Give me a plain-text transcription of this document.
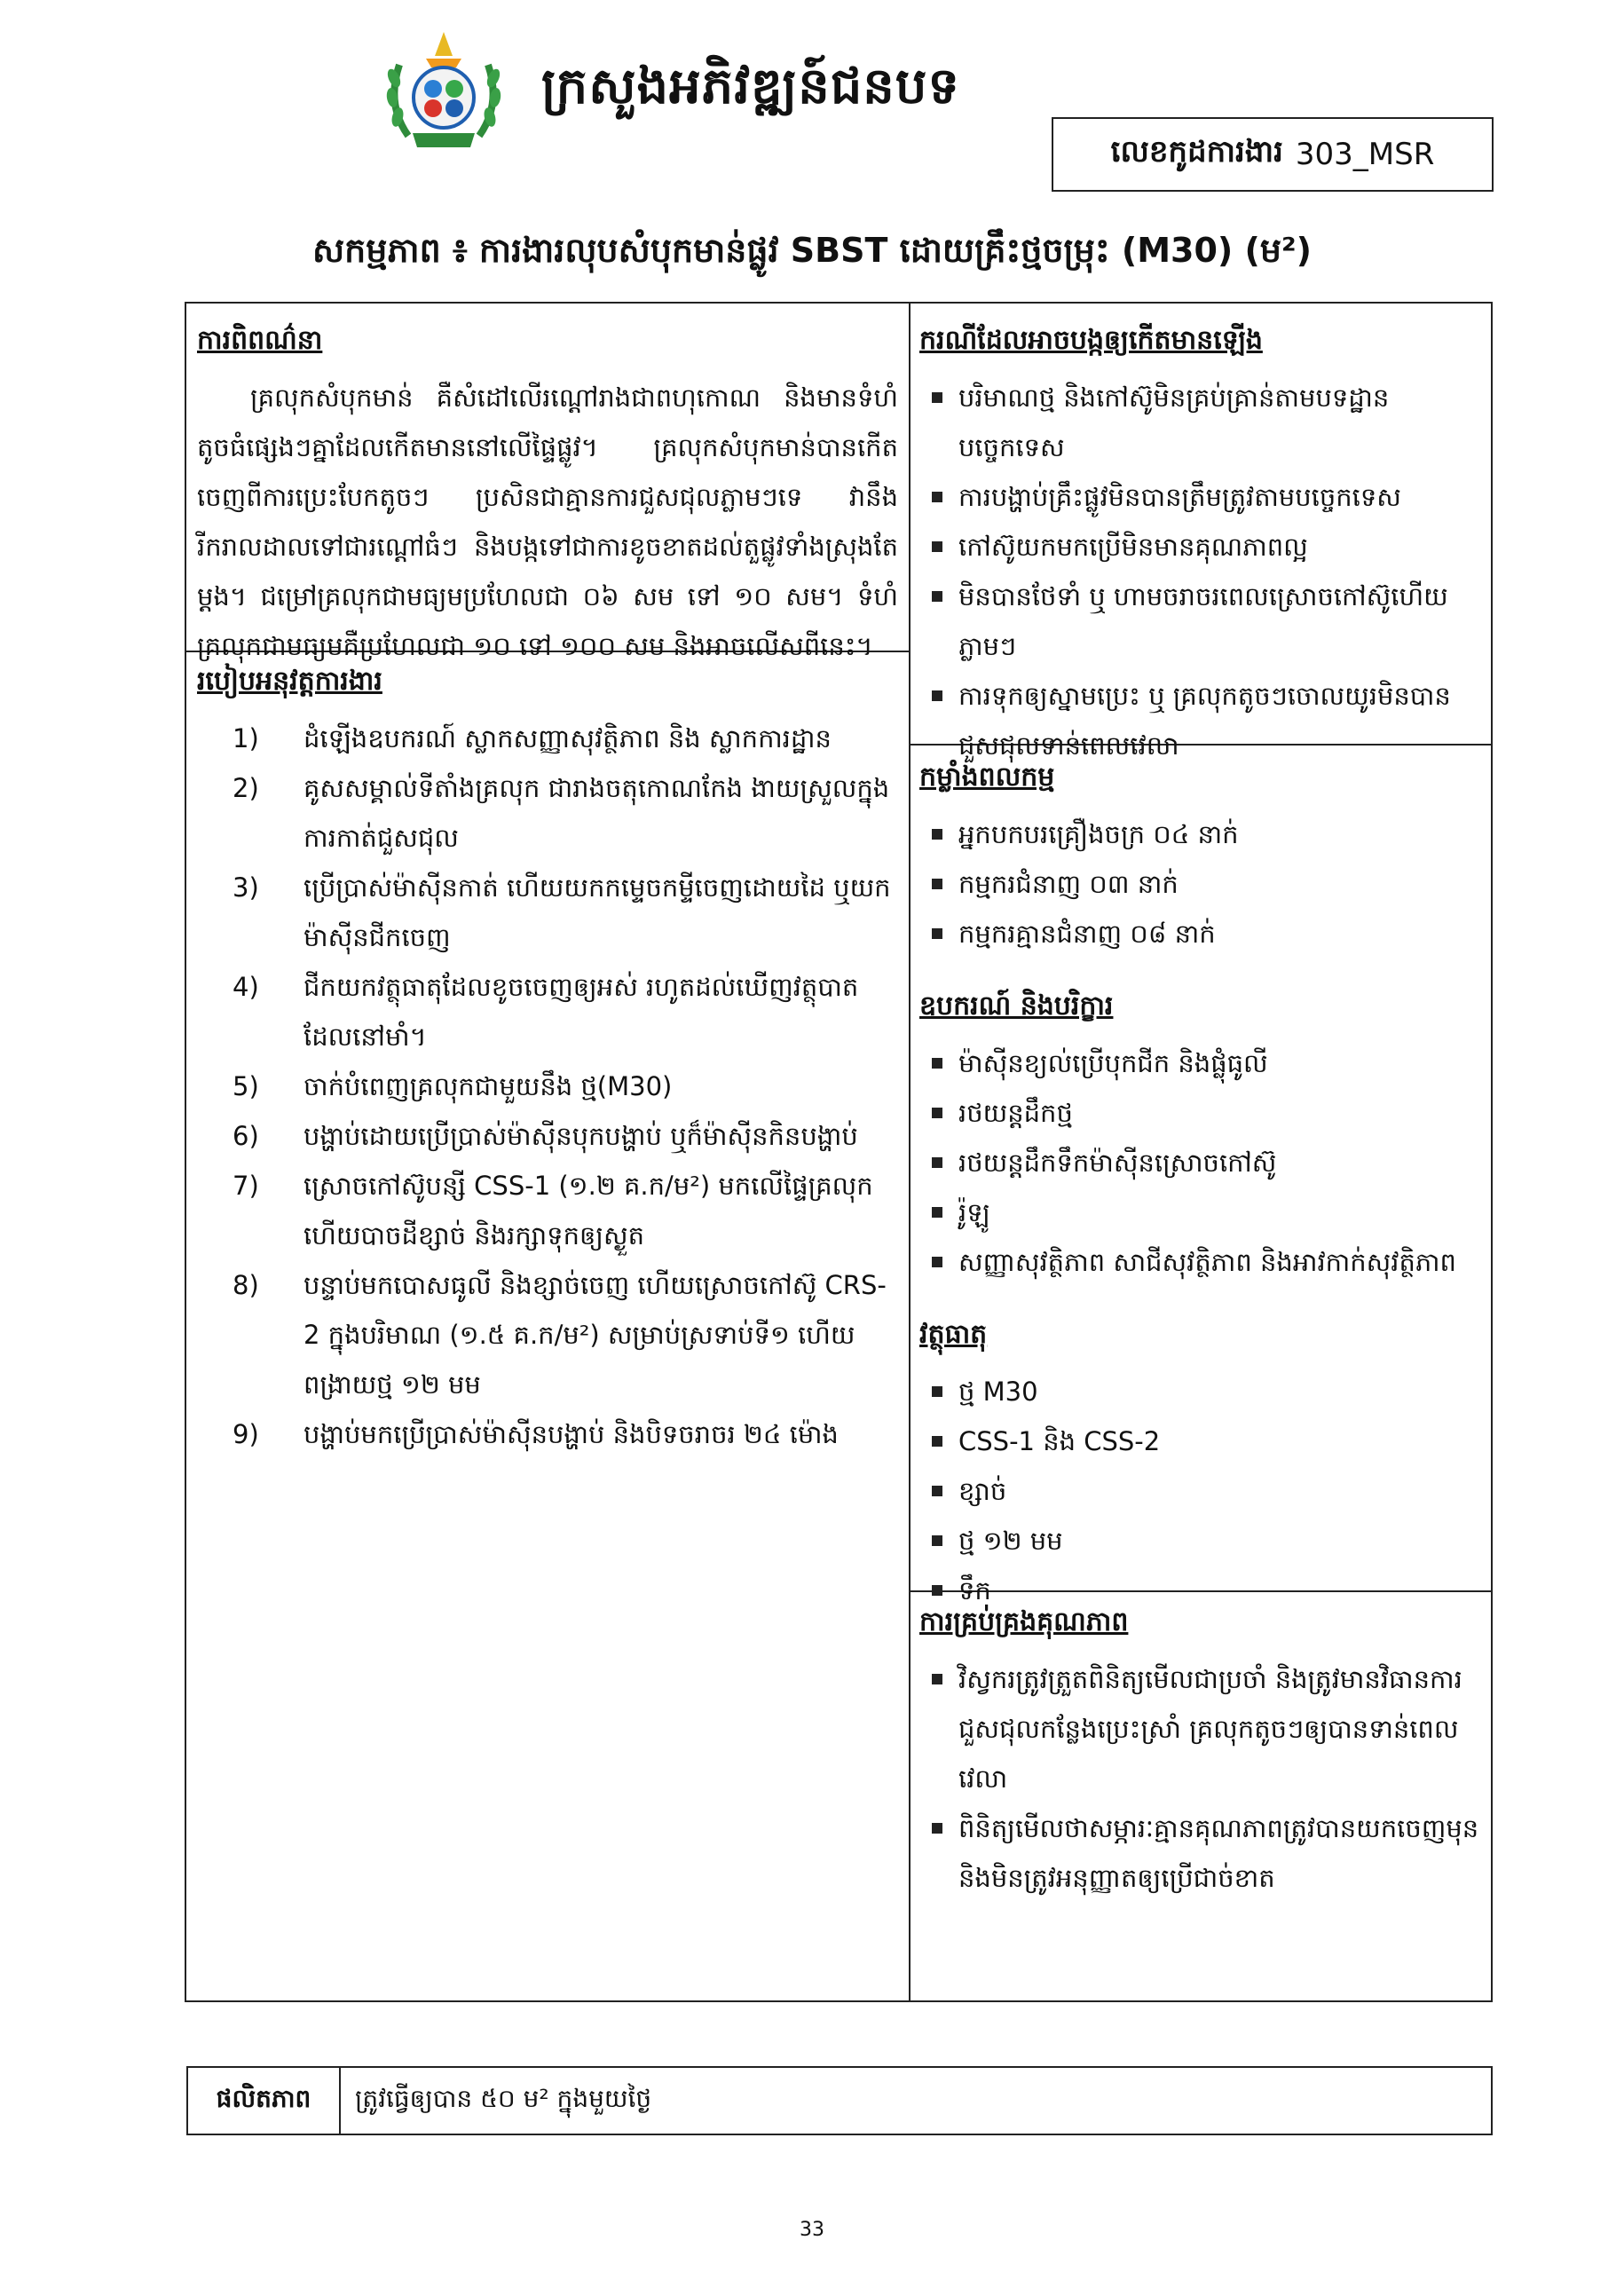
ក្រសួងអភិវឌ្ឍន៍ជនបទ
លេខកូដការងារ 303_MSR
សកម្មភាព ៖ ការងារលុបសំបុកមាន់ផ្លូវ SBST ដោយគ្រឹះថ្មចម្រុះ (M30) (ម²)
ការពិពណ៌នា

គ្រលុកសំបុកមាន់ គឺសំដៅលើរណ្ដៅរាងជាពហុកោណ និងមានទំហំតូចធំផ្សេងៗគ្នាដែលកើតមាននៅលើផ្ទៃផ្លូវ។ គ្រលុកសំបុកមាន់បានកើតចេញពីការប្រេះបែកតូចៗ ប្រសិនជាគ្មានការជួសជុលភ្លាមៗទេ វានឹងរីករាលដាលទៅជារណ្ដៅធំៗ និងបង្កទៅជាការខូចខាតដល់តួផ្លូវទាំងស្រុងតែម្ដង។ ជម្រៅគ្រលុកជាមធ្យមប្រហែលជា ០៦ សម ទៅ ១០ សម។ ទំហំគ្រលុកជាមធ្យមគឺប្រហែលជា ១០ ទៅ ១០០ សម និងអាចលើសពីនេះ។

របៀបអនុវត្តការងារ
1)	ដំឡើងឧបករណ៍ ស្លាកសញ្ញាសុវត្ថិភាព និង ស្លាកការដ្ឋាន
2)	គូសសម្គាល់ទីតាំងគ្រលុក ជារាងចតុកោណកែង ងាយស្រួលក្នុងការកាត់ជួសជុល
3)	ប្រើប្រាស់ម៉ាស៊ីនកាត់ ហើយយកកម្ទេចកម្ទីចេញដោយដៃ ឬយកម៉ាស៊ីនជីកចេញ
4)	ជីកយកវត្ថុធាតុដែលខូចចេញឲ្យអស់ រហូតដល់ឃើញវត្ថុបាតដែលនៅមាំ។
5)	ចាក់បំពេញគ្រលុកជាមួយនឹង ថ្ម(M30)
6)	បង្ហាប់ដោយប្រើប្រាស់ម៉ាស៊ីនបុកបង្ហាប់ ឬក៏ម៉ាស៊ីនកិនបង្ហាប់
7)	ស្រោចកៅស៊ូបន្សី CSS-1 (១.២ គ.ក/ម²) មកលើផ្ទៃគ្រលុកហើយបាចដីខ្សាច់ និងរក្សាទុកឲ្យស្ងួត
8)	បន្ទាប់មកបោសធូលី និងខ្សាច់ចេញ ហើយស្រោចកៅស៊ូ CRS-2 ក្នុងបរិមាណ (១.៥ គ.ក/ម²) សម្រាប់ស្រទាប់ទី១ ហើយពង្រាយថ្ម ១២ មម
9)	បង្ហាប់មកប្រើប្រាស់ម៉ាស៊ីនបង្ហាប់ និងបិទចរាចរ ២៤ ម៉ោង
ករណីដែលអាចបង្កឲ្យកើតមានឡើង
បរិមាណថ្ម និងកៅស៊ូមិនគ្រប់គ្រាន់តាមបទដ្ឋានបច្ចេកទេស
ការបង្ហាប់គ្រឹះផ្លូវមិនបានត្រឹមត្រូវតាមបច្ចេកទេស
កៅស៊ូយកមកប្រើមិនមានគុណភាពល្អ
មិនបានថែទាំ ឬ ហាមចរាចរពេលស្រោចកៅស៊ូហើយភ្លាមៗ
ការទុកឲ្យស្នាមប្រេះ ឬ គ្រលុកតូចៗចោលយូរមិនបានជួសជុលទាន់ពេលវេលា
កម្លាំងពលកម្ម
អ្នកបកបរគ្រឿងចក្រ ០៤ នាក់
កម្មករជំនាញ ០៣ នាក់
កម្មករគ្មានជំនាញ ០៨ នាក់
ឧបករណ៍ និងបរិក្ខារ
ម៉ាស៊ីនខ្យល់ប្រើបុកជីក និងផ្លុំធូលី
រថយន្តដឹកថ្ម
រថយន្តដឹកទឹកម៉ាស៊ីនស្រោចកៅស៊ូ
រ៉ូឡូ
សញ្ញាសុវត្ថិភាព សាជីសុវត្ថិភាព និងអាវកាក់សុវត្ថិភាព
វត្ថុធាតុ
ថ្ម M30
CSS-1 និង CSS-2
ខ្សាច់
ថ្ម ១២ មម
ទឹក
ការគ្រប់គ្រងគុណភាព
វិស្វករត្រូវត្រួតពិនិត្យមើលជាប្រចាំ និងត្រូវមានវិធានការជួសជុលកន្លែងប្រេះស្រាំ គ្រលុកតូចៗឲ្យបានទាន់ពេលវេលា
ពិនិត្យមើលថាសម្ភារៈគ្មានគុណភាពត្រូវបានយកចេញមុននិងមិនត្រូវអនុញ្ញាតឲ្យប្រើជាច់ខាត
ផលិតភាព	ត្រូវធ្វើឲ្យបាន ៥០ ម² ក្នុងមួយថ្ងៃ
33
